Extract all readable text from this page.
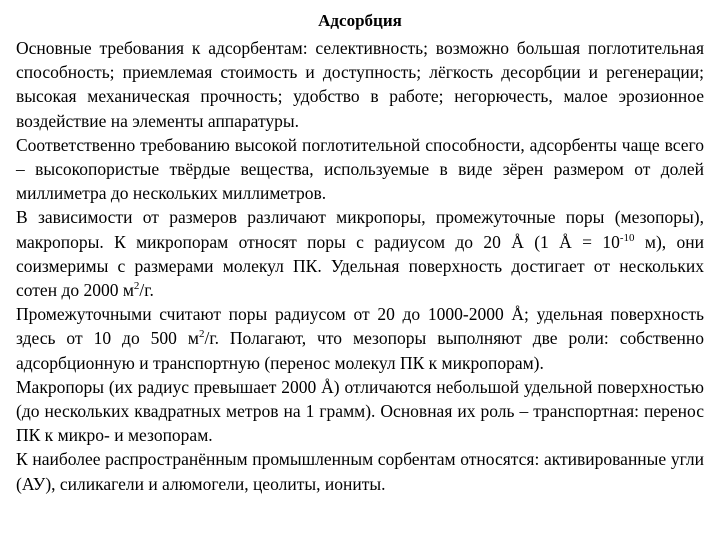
Адсорбция

Основные требования к адсорбентам: селективность; возможно большая поглотительная способность; приемлемая стоимость и доступность; лёгкость десорбции и регенерации; высокая механическая прочность; удобство в работе; негорючесть, малое эрозионное воздействие на элементы аппаратуры.

Соответственно требованию высокой поглотительной способности, адсорбенты чаще всего – высокопористые твёрдые вещества, используемые в виде зёрен размером от долей миллиметра до нескольких миллиметров.

В зависимости от размеров различают микропоры, промежуточные поры (мезопоры), макропоры. К микропорам относят поры с радиусом до 20 Å (1 Å = $10^{-10}$ м), они соизмеримы с размерами молекул ПК. Удельная поверхность достигает от нескольких сотен до 2000 $м^2/г$.

Промежуточными считают поры радиусом от 20 до 1000-2000 Å; удельная поверхность здесь от 10 до 500 $м^2/г$. Полагают, что мезопоры выполняют две роли: собственно адсорбционную и транспортную (перенос молекул ПК к микропорам).

Макропоры (их радиус превышает 2000 Å) отличаются небольшой удельной поверхностью (до нескольких квадратных метров на 1 грамм). Основная их роль – транспортная: перенос ПК к микро- и мезопорам.

К наиболее распространённым промышленным сорбентам относятся: активированные угли (АУ), силикагели и алюмогели, цеолиты, иониты.
